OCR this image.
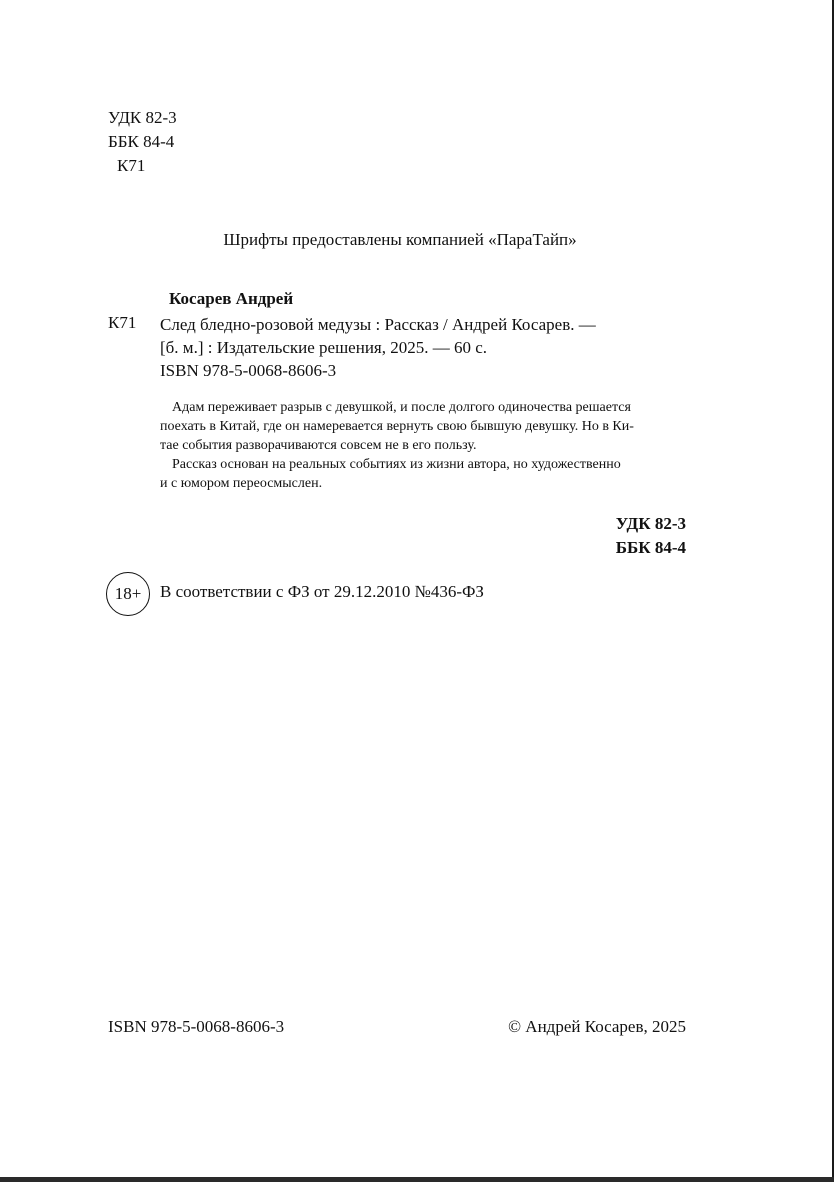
УДК 82-3
ББК 84-4
К71
Шрифты предоставлены компанией «ПараТайп»
Косарев Андрей
К71 След бледно-розовой медузы : Рассказ / Андрей Косарев. —
[б. м.] : Издательские решения, 2025. — 60 с.
ISBN 978-5-0068-8606-3
Адам переживает разрыв с девушкой, и после долгого одиночества решается
поехать в Китай, где он намеревается вернуть свою бывшую девушку. Но в Ки-
тае события разворачиваются совсем не в его пользу.
Рассказ основан на реальных событиях из жизни автора, но художественно
и с юмором переосмыслен.
УДК 82-3
ББК 84-4
18+ В соответствии с ФЗ от 29.12.2010 №436-ФЗ
ISBN 978-5-0068-8606-3	© Андрей Косарев, 2025
